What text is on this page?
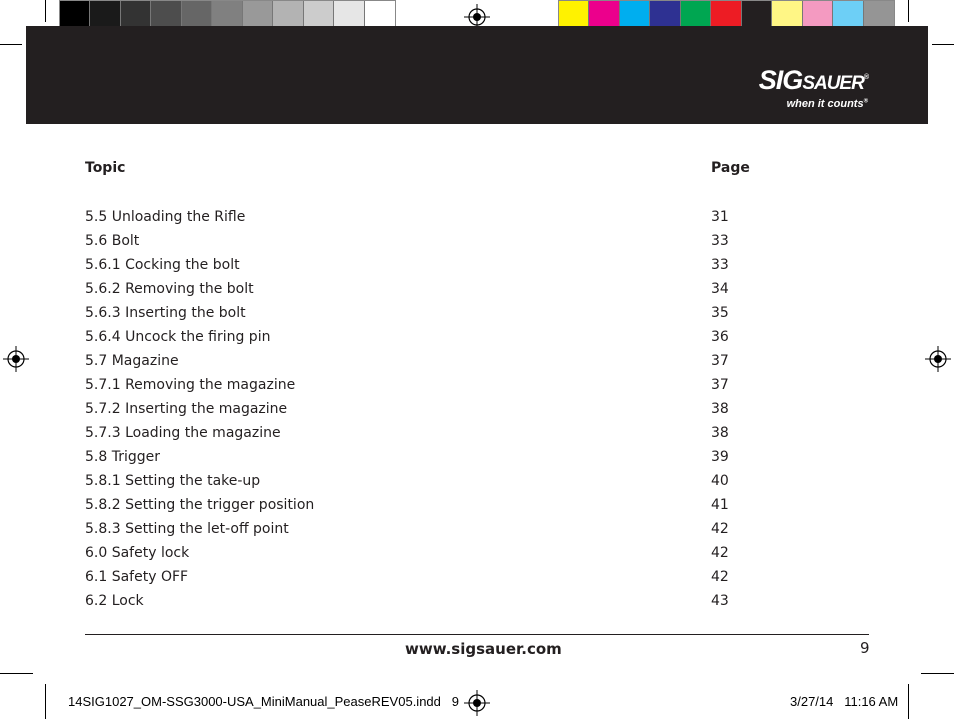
SIGSAUER®
when it counts®
Topic	Page
5.5 Unloading the Rifle	31
5.6 Bolt	33
5.6.1 Cocking the bolt	33
5.6.2 Removing the bolt	34
5.6.3 Inserting the bolt	35
5.6.4 Uncock the firing pin	36
5.7 Magazine	37
5.7.1 Removing the magazine	37
5.7.2 Inserting the magazine	38
5.7.3 Loading the magazine	38
5.8 Trigger	39
5.8.1 Setting the take-up	40
5.8.2 Setting the trigger position	41
5.8.3 Setting the let-off point	42
6.0 Safety lock	42
6.1 Safety OFF	42
6.2 Lock	43
www.sigsauer.com	9
14SIG1027_OM-SSG3000-USA_MiniManual_PeaseREV05.indd   9	3/27/14   11:16 AM
